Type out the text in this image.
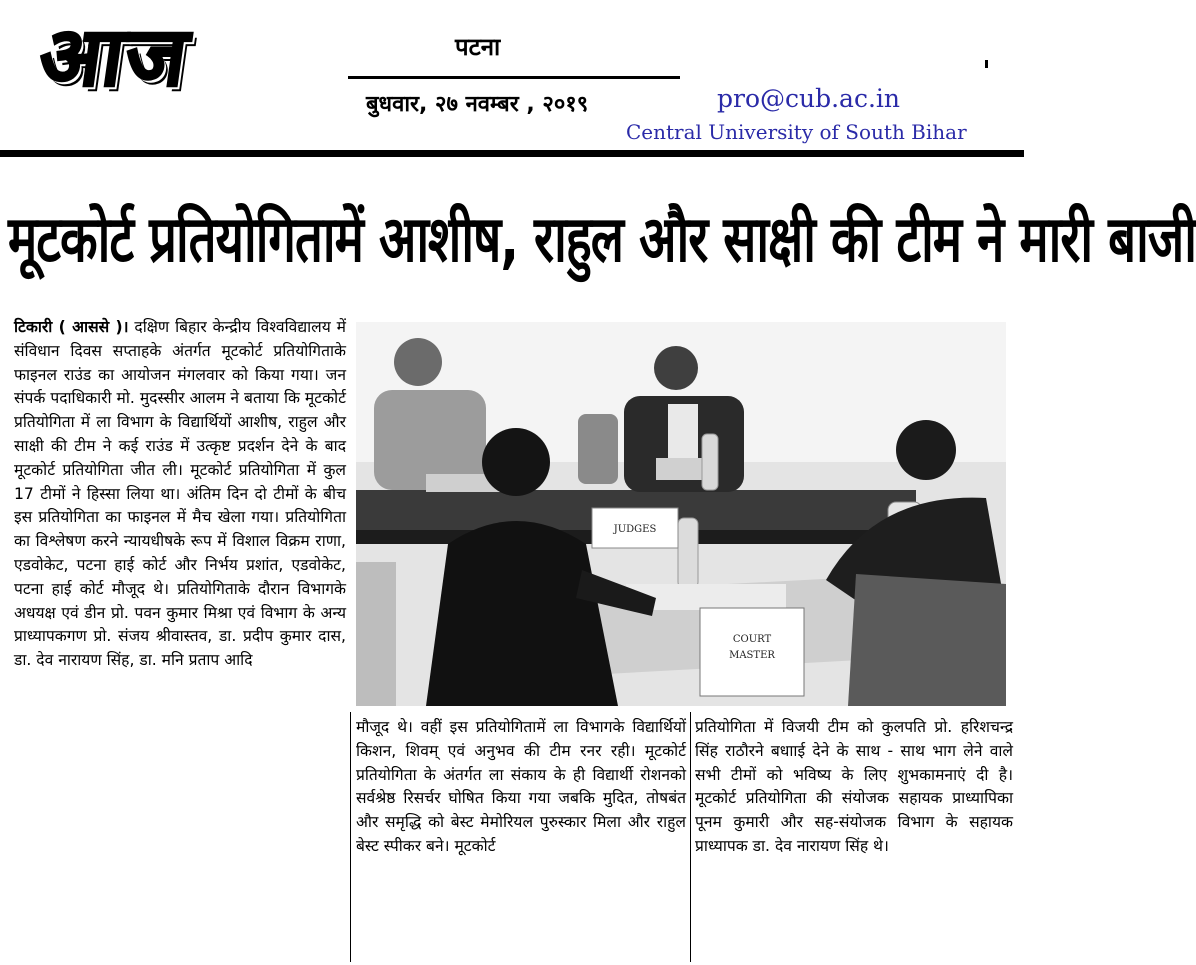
आज	पटना
बुधवार, २७ नवम्बर , २०१९	pro@cub.ac.in
Central University of South Bihar
मूटकोर्ट प्रतियोगितामें आशीष, राहुल और साक्षी की टीम ने मारी बाजी
टिकारी ( आससे )। दक्षिण बिहार केन्द्रीय विश्वविद्यालय में संविधान दिवस सप्ताहके अंतर्गत मूटकोर्ट प्रतियोगिताके फाइनल राउंड का आयोजन मंगलवार को किया गया। जन संपर्क पदाधिकारी मो. मुदस्सीर आलम ने बताया कि मूटकोर्ट प्रतियोगिता में ला विभाग के विद्यार्थियों आशीष, राहुल और साक्षी की टीम ने कई राउंड में उत्कृष्ट प्रदर्शन देने के बाद मूटकोर्ट प्रतियोगिता जीत ली। मूटकोर्ट प्रतियोगिता में कुल 17 टीमों ने हिस्सा लिया था। अंतिम दिन दो टीमों के बीच इस प्रतियोगिता का फाइनल में मैच खेला गया। प्रतियोगिता का विश्लेषण करने न्यायधीषके रूप में विशाल विक्रम राणा, एडवोकेट, पटना हाई कोर्ट और निर्भय प्रशांत, एडवोकेट, पटना हाई कोर्ट मौजूद थे। प्रतियोगिताके दौरान विभागके अधयक्ष एवं डीन प्रो. पवन कुमार मिश्रा एवं विभाग के अन्य प्राध्यापकगण प्रो. संजय श्रीवास्तव, डा. प्रदीप कुमार दास, डा. देव नारायण सिंह, डा. मनि प्रताप आदि
JUDGES
COURT
MASTER
मौजूद थे। वहीं इस प्रतियोगितामें ला विभागके विद्यार्थियों किशन, शिवम् एवं अनुभव की टीम रनर रही। मूटकोर्ट प्रतियोगिता के अंतर्गत ला संकाय के ही विद्यार्थी रोशनको सर्वश्रेष्ठ रिसर्चर घोषित किया गया जबकि मुदित, तोषबंत और समृद्धि को बेस्ट मेमोरियल पुरुस्कार मिला और राहुल बेस्ट स्पीकर बने। मूटकोर्ट
प्रतियोगिता में विजयी टीम को कुलपति प्रो. हरिशचन्द्र सिंह राठौरने बधााई देने के साथ - साथ भाग लेने वाले सभी टीमों को भविष्य के लिए शुभकामनाएं दी है। मूटकोर्ट प्रतियोगिता की संयोजक सहायक प्राध्यापिका पूनम कुमारी और सह-संयोजक विभाग के सहायक प्राध्यापक डा. देव नारायण सिंह थे।
